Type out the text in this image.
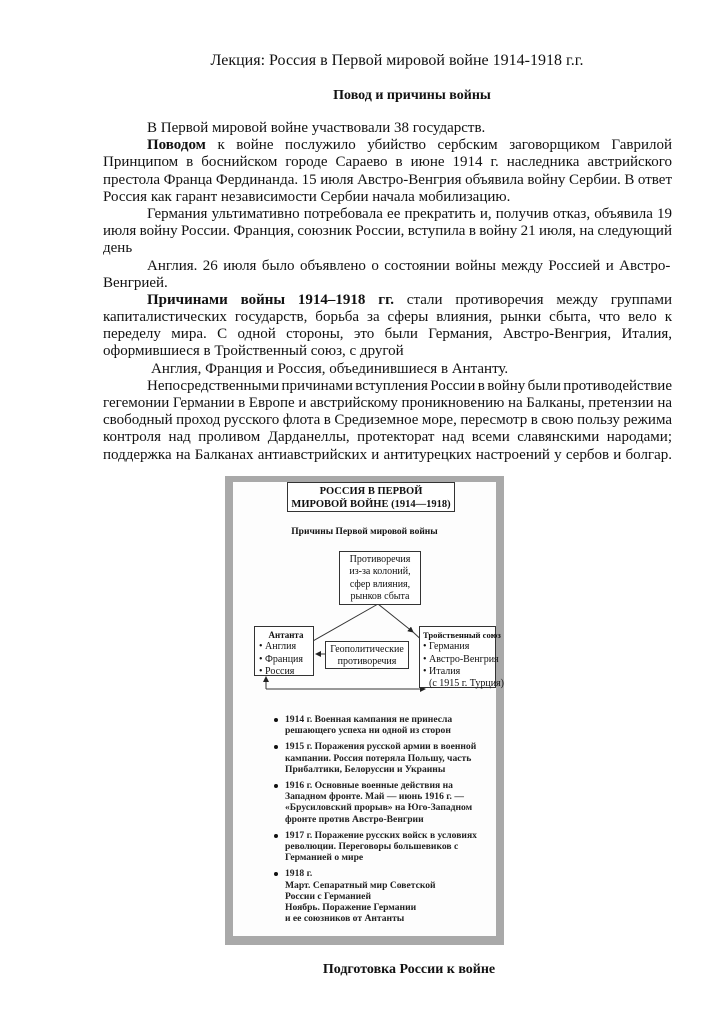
Лекция: Россия в Первой мировой войне 1914-1918 г.г.
Повод и причины войны
В Первой мировой войне участвовали 38 государств.
Поводом к войне послужило убийство сербским заговорщиком Гаврилой
Принципом в боснийском городе Сараево в июне 1914 г. наследника австрийского
престола Франца Фердинанда. 15 июля Австро-Венгрия объявила войну Сербии. В ответ
Россия как гарант независимости Сербии начала мобилизацию.
Германия ультимативно потребовала ее прекратить и, получив отказ, объявила 19
июля войну России. Франция, союзник России, вступила в войну 21 июля, на следующий
день
Англия. 26 июля было объявлено о состоянии войны между Россией и Австро-
Венгрией.
Причинами войны 1914–1918 гг. стали противоречия между группами
капиталистических государств, борьба за сферы влияния, рынки сбыта, что вело к
переделу мира. С одной стороны, это были Германия, Австро-Венгрия, Италия,
оформившиеся в Тройственный союз, с другой
Англия, Франция и Россия, объединившиеся в Антанту.
Непосредственными причинами вступления России в войну были противодействие
гегемонии Германии в Европе и австрийскому проникновению на Балканы, претензии на
свободный проход русского флота в Средиземное море, пересмотр в свою пользу режима
контроля над проливом Дарданеллы, протекторат над всеми славянскими народами;
поддержка на Балканах антиавстрийских и антитурецких настроений у сербов и болгар.
РОССИЯ В ПЕРВОЙ
МИРОВОЙ ВОЙНЕ (1914—1918)
Причины Первой мировой войны
Противоречия
из-за колоний,
сфер влияния,
рынков сбыта
Антанта
• Англия
• Франция
• Россия
Геополитические
противоречия
Тройственный союз
• Германия
• Австро-Венгрия
• Италия
(с 1915 г. Турция)
1914 г. Военная кампания не принесла
решающего успеха ни одной из сторон
1915 г. Поражения русской армии в военной
кампании. Россия потеряла Польшу, часть
Прибалтики, Белоруссии и Украины
1916 г. Основные военные действия на
Западном фронте. Май — июнь 1916 г. —
«Брусиловский прорыв» на Юго-Западном
фронте против Австро-Венгрии
1917 г. Поражение русских войск в условиях
революции. Переговоры большевиков с
Германией о мире
1918 г.
Март. Сепаратный мир Советской
России с Германией
Ноябрь. Поражение Германии
и ее союзников от Антанты
Подготовка России к войне
